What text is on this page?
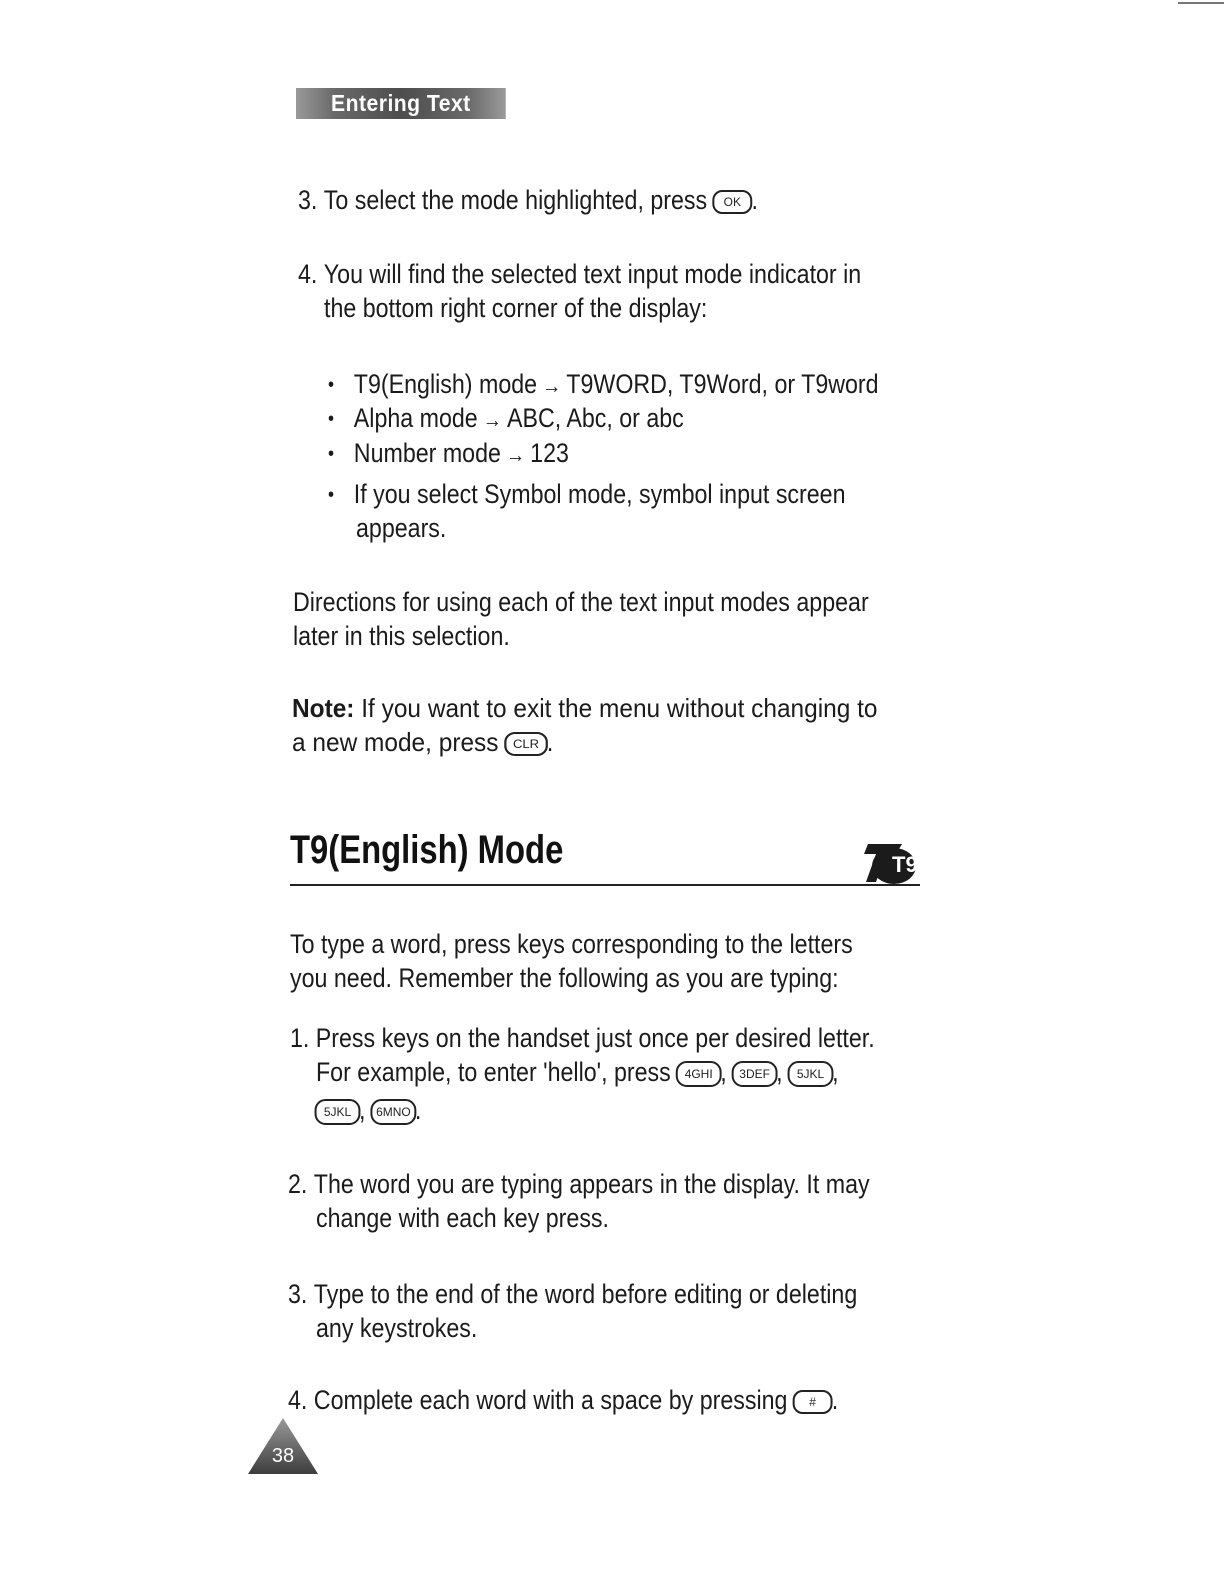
Entering Text
3. To select the mode highlighted, press OK .
4. You will find the selected text input mode indicator in
the bottom right corner of the display:
• T9(English) mode → T9WORD, T9Word, or T9word
• Alpha mode → ABC, Abc, or abc
• Number mode → 123
• If you select Symbol mode, symbol input screen
appears.
Directions for using each of the text input modes appear
later in this selection.
Note: If you want to exit the menu without changing to
a new mode, press CLR .
T9(English) Mode	T9
To type a word, press keys corresponding to the letters
you need. Remember the following as you are typing:
1. Press keys on the handset just once per desired letter.
For example, to enter 'hello', press 4GHI , 3DEF , 5JKL ,
5JKL , 6MNO .
2. The word you are typing appears in the display. It may
change with each key press.
3. Type to the end of the word before editing or deleting
any keystrokes.
4. Complete each word with a space by pressing # .
38
